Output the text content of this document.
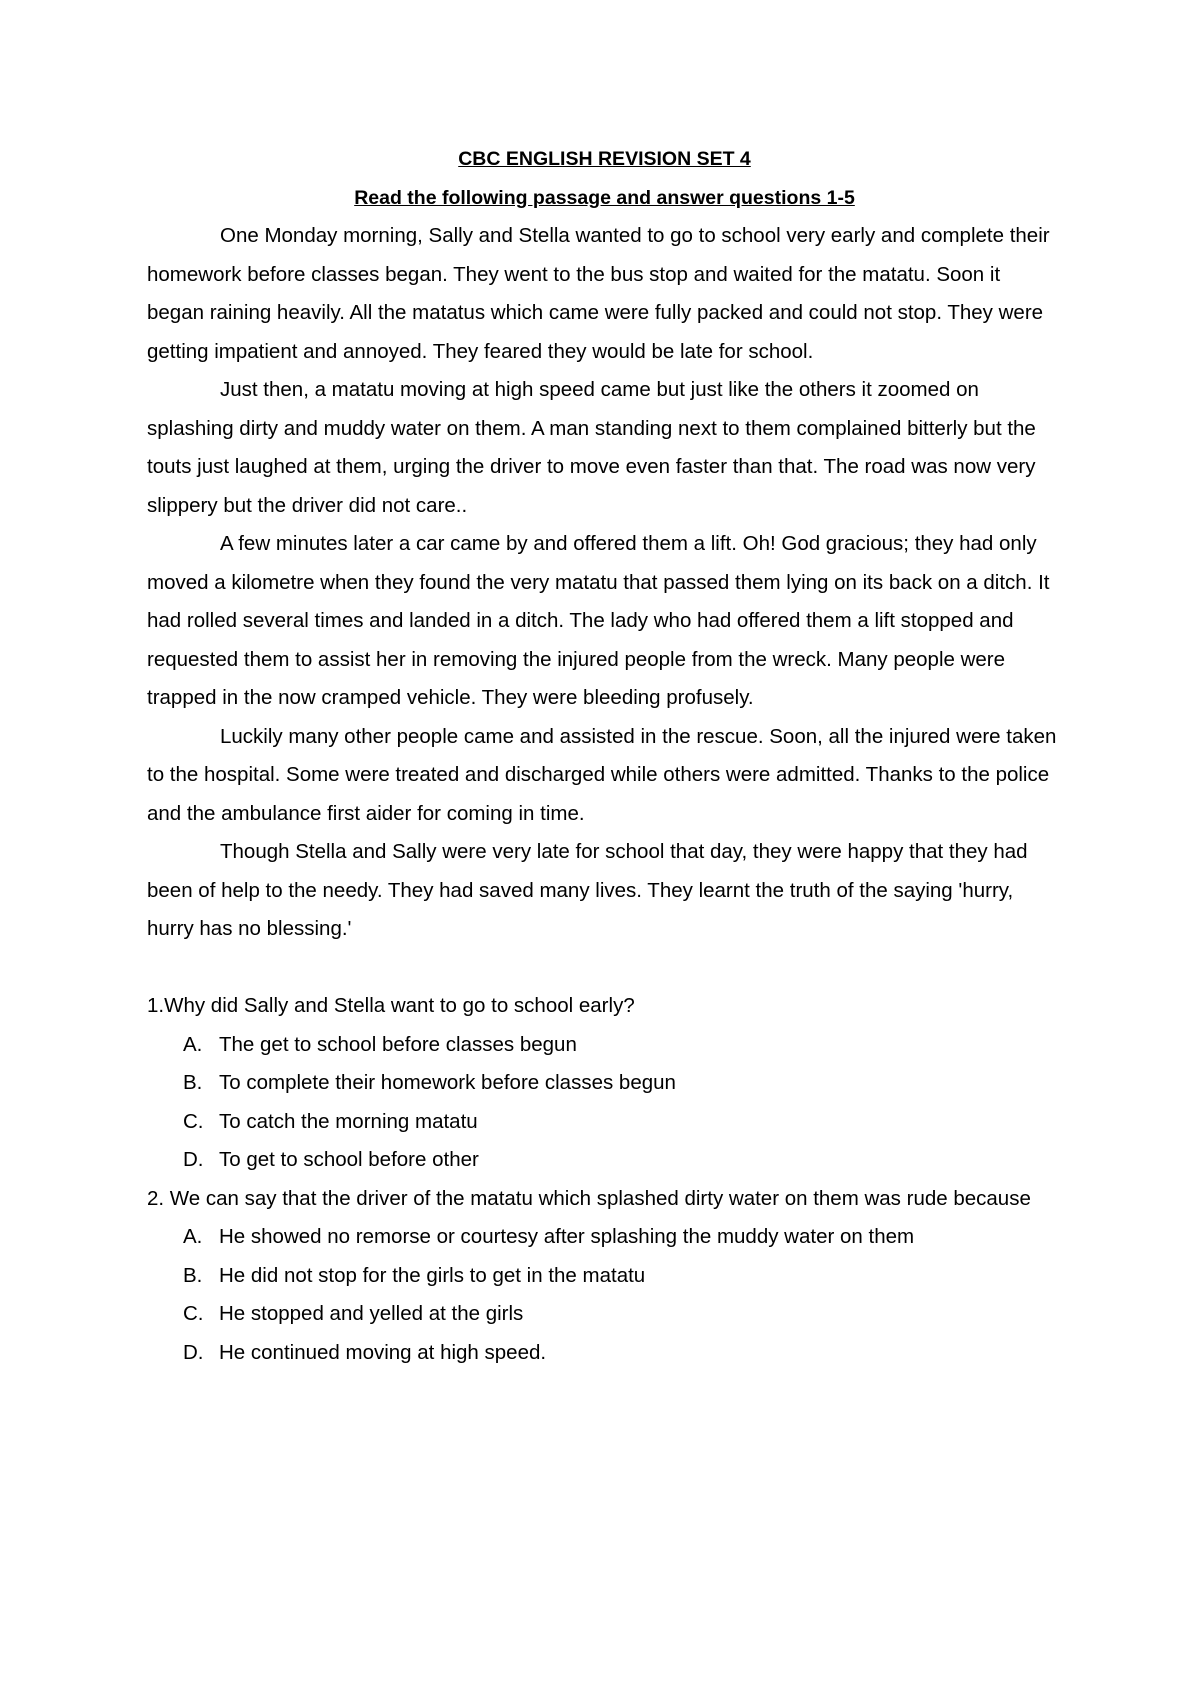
CBC ENGLISH REVISION SET 4
Read the following passage and answer questions 1-5

One Monday morning, Sally and Stella wanted to go to school very early and complete their homework before classes began. They went to the bus stop and waited for the matatu. Soon it began raining heavily. All the matatus which came were fully packed and could not stop. They were getting impatient and annoyed. They feared they would be late for school.

Just then, a matatu moving at high speed came but just like the others it zoomed on splashing dirty and muddy water on them. A man standing next to them complained bitterly but the touts just laughed at them, urging the driver to move even faster than that. The road was now very slippery but the driver did not care..

A few minutes later a car came by and offered them a lift. Oh! God gracious; they had only moved a kilometre when they found the very matatu that passed them lying on its back on a ditch. It had rolled several times and landed in a ditch. The lady who had offered them a lift stopped and requested them to assist her in removing the injured people from the wreck. Many people were trapped in the now cramped vehicle. They were bleeding profusely.

Luckily many other people came and assisted in the rescue. Soon, all the injured were taken to the hospital. Some were treated and discharged while others were admitted. Thanks to the police and the ambulance first aider for coming in time.

Though Stella and Sally were very late for school that day, they were happy that they had been of help to the needy. They had saved many lives. They learnt the truth of the saying 'hurry, hurry has no blessing.'

1.Why did Sally and Stella want to go to school early?

A. The get to school before classes begun
B. To complete their homework before classes begun
C. To catch the morning matatu
D. To get to school before other

2. We can say that the driver of the matatu which splashed dirty water on them was rude because

A. He showed no remorse or courtesy after splashing the muddy water on them
B. He did not stop for the girls to get in the matatu
C. He stopped and yelled at the girls
D. He continued moving at high speed.
